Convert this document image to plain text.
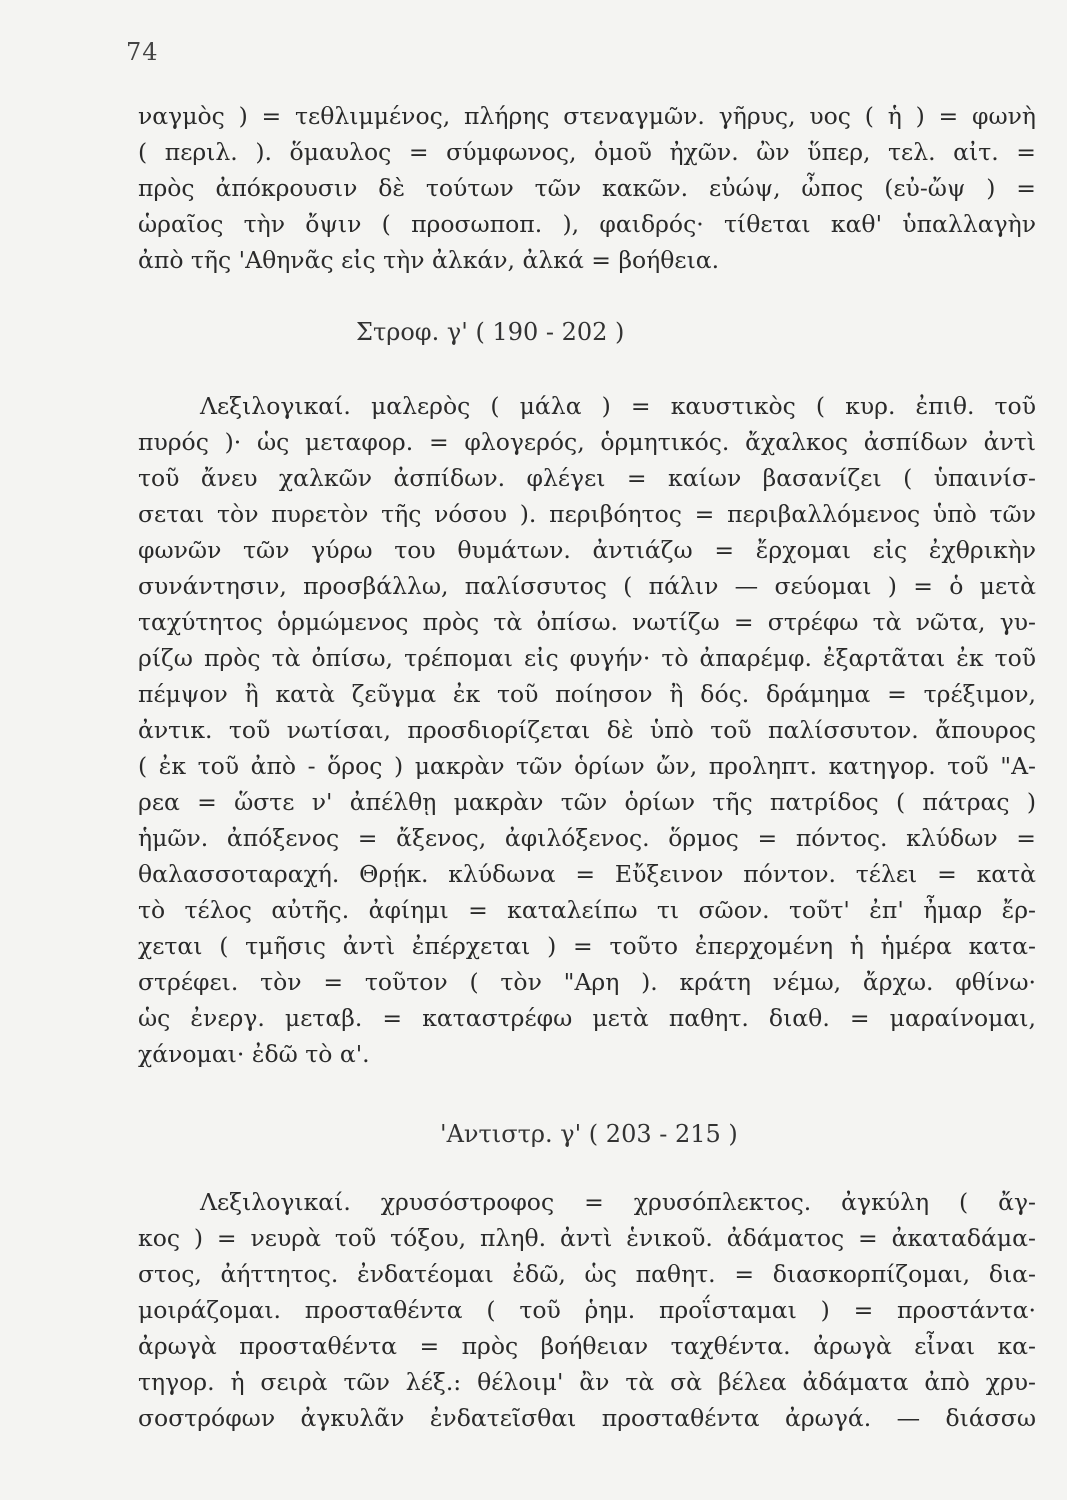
74
ναγμὸς ) = τεθλιμμένος, πλήρης στεναγμῶν. γῆρυς, υος ( ἡ ) = φωνὴ
( περιλ. ). ὅμαυλος = σύμφωνος, ὁμοῦ ἠχῶν. ὢν ὕπερ, τελ. αἰτ. =
πρὸς ἀπόκρουσιν δὲ τούτων τῶν κακῶν. εὐώψ, ὦπος (εὐ-ὤψ ) =
ὡραῖος τὴν ὄψιν ( προσωποπ. ), φαιδρός· τίθεται καθ' ὑπαλλαγὴν
ἀπὸ τῆς 'Αθηνᾶς εἰς τὴν ἀλκάν, ἀλκά = βοήθεια.
Στροφ. γ' ( 190 - 202 )
Λεξιλογικαί. μαλερὸς ( μάλα ) = καυστικὸς ( κυρ. ἐπιθ. τοῦ
πυρός )· ὡς μεταφορ. = φλογερός, ὁρμητικός. ἄχαλκος ἀσπίδων ἀντὶ
τοῦ ἄνευ χαλκῶν ἀσπίδων. φλέγει = καίων βασανίζει ( ὑπαινίσ-
σεται τὸν πυρετὸν τῆς νόσου ). περιβόητος = περιβαλλόμενος ὑπὸ τῶν
φωνῶν τῶν γύρω του θυμάτων. ἀντιάζω = ἔρχομαι εἰς ἐχθρικὴν
συνάντησιν, προσβάλλω, παλίσσυτος ( πάλιν — σεύομαι ) = ὁ μετὰ
ταχύτητος ὁρμώμενος πρὸς τὰ ὀπίσω. νωτίζω = στρέφω τὰ νῶτα, γυ-
ρίζω πρὸς τὰ ὀπίσω, τρέπομαι εἰς φυγήν· τὸ ἀπαρέμφ. ἐξαρτᾶται ἐκ τοῦ
πέμψον ἢ κατὰ ζεῦγμα ἐκ τοῦ ποίησον ἢ δός. δράμημα = τρέξιμον,
ἀντικ. τοῦ νωτίσαι, προσδιορίζεται δὲ ὑπὸ τοῦ παλίσσυτον. ἄπουρος
( ἐκ τοῦ ἀπὸ - ὅρος ) μακρὰν τῶν ὁρίων ὤν, προληπτ. κατηγορ. τοῦ "Α-
ρεα = ὥστε ν' ἀπέλθῃ μακρὰν τῶν ὁρίων τῆς πατρίδος ( πάτρας )
ἡμῶν. ἀπόξενος = ἄξενος, ἀφιλόξενος. ὅρμος = πόντος. κλύδων =
θαλασσοταραχή. Θρῄκ. κλύδωνα = Εὔξεινον πόντον. τέλει = κατὰ
τὸ τέλος αὐτῆς. ἀφίημι = καταλείπω τι σῶον. τοῦτ' ἐπ' ἦμαρ ἔρ-
χεται ( τμῆσις ἀντὶ ἐπέρχεται ) = τοῦτο ἐπερχομένη ἡ ἡμέρα κατα-
στρέφει. τὸν = τοῦτον ( τὸν "Αρη ). κράτη νέμω, ἄρχω. φθίνω·
ὡς ἐνεργ. μεταβ. = καταστρέφω μετὰ παθητ. διαθ. = μαραίνομαι,
χάνομαι· ἐδῶ τὸ α'.
'Αντιστρ. γ' ( 203 - 215 )
Λεξιλογικαί. χρυσόστροφος = χρυσόπλεκτος. ἀγκύλη ( ἄγ-
κος ) = νευρὰ τοῦ τόξου, πληθ. ἀντὶ ἑνικοῦ. ἀδάματος = ἀκαταδάμα-
στος, ἀήττητος. ἐνδατέομαι ἐδῶ, ὡς παθητ. = διασκορπίζομαι, δια-
μοιράζομαι. προσταθέντα ( τοῦ ῥημ. προΐσταμαι ) = προστάντα·
ἀρωγὰ προσταθέντα = πρὸς βοήθειαν ταχθέντα. ἀρωγὰ εἶναι κα-
τηγορ. ἡ σειρὰ τῶν λέξ.: θέλοιμ' ἂν τὰ σὰ βέλεα ἀδάματα ἀπὸ χρυ-
σοστρόφων ἀγκυλᾶν ἐνδατεῖσθαι προσταθέντα ἀρωγά. — διάσσω
